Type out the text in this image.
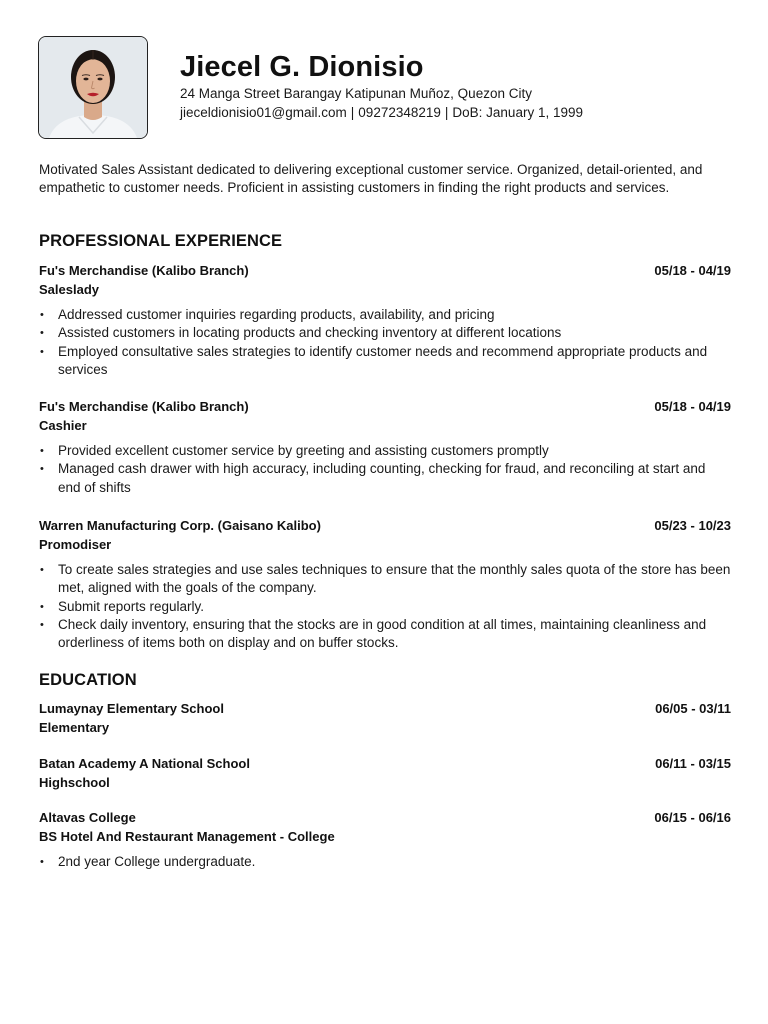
Jiecel G. Dionisio
24 Manga Street Barangay Katipunan Muñoz, Quezon City
jieceldionisio01@gmail.com | 09272348219 | DoB: January 1, 1999
Motivated Sales Assistant dedicated to delivering exceptional customer service. Organized, detail-oriented, and empathetic to customer needs. Proficient in assisting customers in finding the right products and services.
PROFESSIONAL EXPERIENCE
Fu's Merchandise (Kalibo Branch)	05/18 - 04/19
Saleslady
• Addressed customer inquiries regarding products, availability, and pricing
• Assisted customers in locating products and checking inventory at different locations
• Employed consultative sales strategies to identify customer needs and recommend appropriate products and services
Fu's Merchandise (Kalibo Branch)	05/18 - 04/19
Cashier
• Provided excellent customer service by greeting and assisting customers promptly
• Managed cash drawer with high accuracy, including counting, checking for fraud, and reconciling at start and end of shifts
Warren Manufacturing Corp. (Gaisano Kalibo)	05/23 - 10/23
Promodiser
• To create sales strategies and use sales techniques to ensure that the monthly sales quota of the store has been met, aligned with the goals of the company.
• Submit reports regularly.
• Check daily inventory, ensuring that the stocks are in good condition at all times, maintaining cleanliness and orderliness of items both on display and on buffer stocks.
EDUCATION
Lumaynay Elementary School	06/05 - 03/11
Elementary
Batan Academy A National School	06/11 - 03/15
Highschool
Altavas College	06/15 - 06/16
BS Hotel And Restaurant Management - College
• 2nd year College undergraduate.
